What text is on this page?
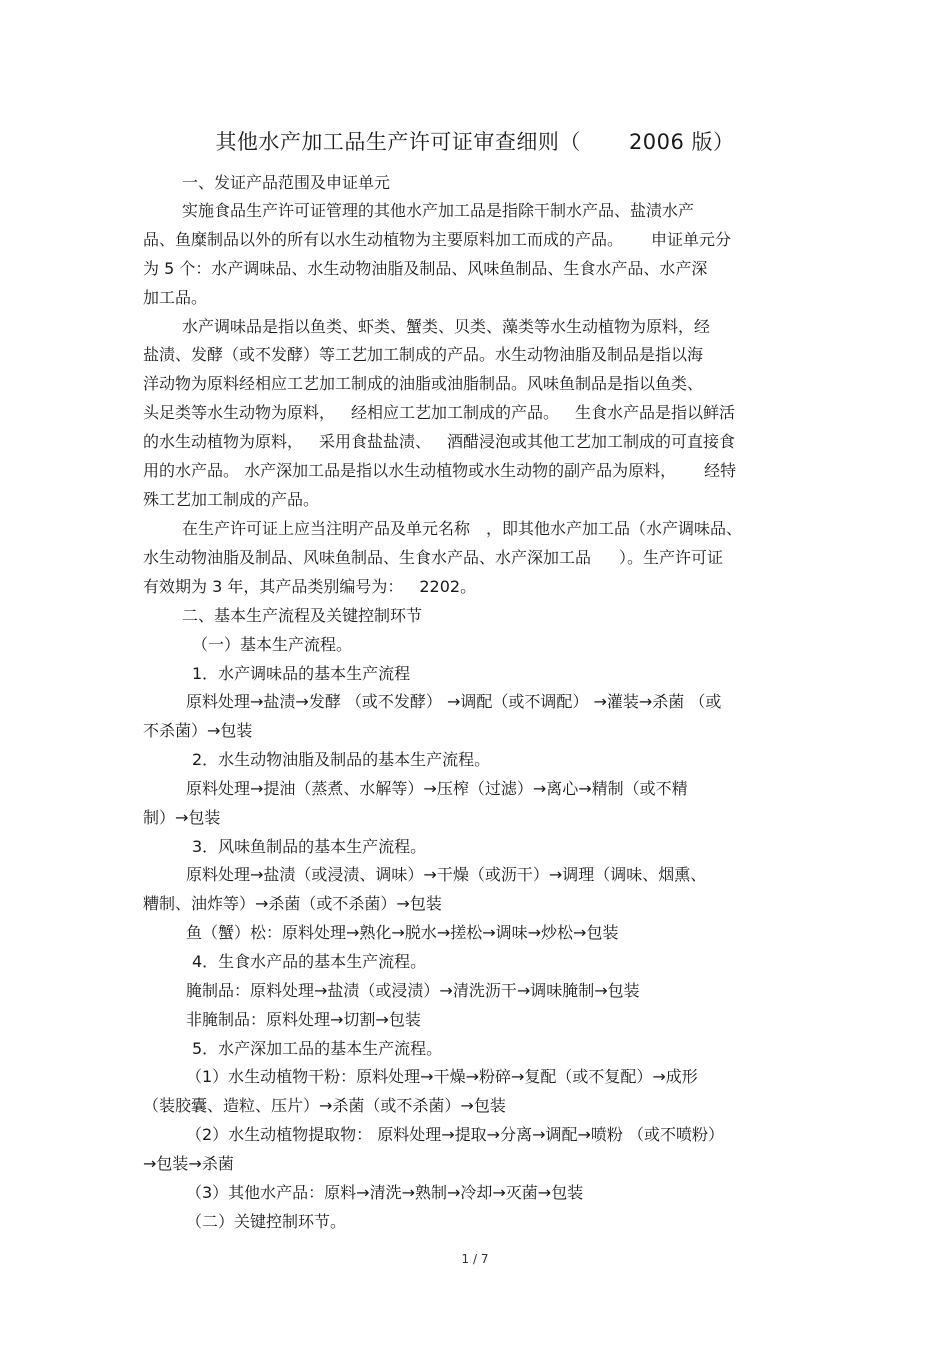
其他水产加工品生产许可证审查细则（ 2006 版）
一、发证产品范围及申证单元
实施食品生产许可证管理的其他水产加工品是指除干制水产品、盐渍水产
品、鱼糜制品以外的所有以水生动植物为主要原料加工而成的产品。 申证单元分
为 5 个：水产调味品、水生动物油脂及制品、风味鱼制品、生食水产品、水产深
加工品。
水产调味品是指以鱼类、虾类、蟹类、贝类、藻类等水生动植物为原料，经
盐渍、发酵（或不发酵）等工艺加工制成的产品。水生动物油脂及制品是指以海
洋动物为原料经相应工艺加工制成的油脂或油脂制品。风味鱼制品是指以鱼类、
头足类等水生动物为原料， 经相应工艺加工制成的产品。 生食水产品是指以鲜活
的水生动植物为原料， 采用食盐盐渍、 酒醋浸泡或其他工艺加工制成的可直接食
用的水产品。 水产深加工品是指以水生动植物或水生动物的副产品为原料， 经特
殊工艺加工制成的产品。
在生产许可证上应当注明产品及单元名称 ，即其他水产加工品（水产调味品、
水生动物油脂及制品、风味鱼制品、生食水产品、水产深加工品 ）。生产许可证
有效期为 3 年，其产品类别编号为： 2202。
二、基本生产流程及关键控制环节
（一）基本生产流程。
1．水产调味品的基本生产流程
原料处理→盐渍→发酵 （或不发酵） →调配（或不调配） →灌装→杀菌 （或
不杀菌）→包装
2．水生动物油脂及制品的基本生产流程。
原料处理→提油（蒸煮、水解等）→压榨（过滤）→离心→精制（或不精
制）→包装
3．风味鱼制品的基本生产流程。
原料处理→盐渍（或浸渍、调味）→干燥（或沥干）→调理（调味、烟熏、
糟制、油炸等）→杀菌（或不杀菌）→包装
鱼（蟹）松：原料处理→熟化→脱水→搓松→调味→炒松→包装
4．生食水产品的基本生产流程。
腌制品：原料处理→盐渍（或浸渍）→清洗沥干→调味腌制→包装
非腌制品：原料处理→切割→包装
5．水产深加工品的基本生产流程。
（1）水生动植物干粉：原料处理→干燥→粉碎→复配（或不复配）→成形
（装胶囊、造粒、压片）→杀菌（或不杀菌）→包装
（2）水生动植物提取物： 原料处理→提取→分离→调配→喷粉 （或不喷粉）
→包装→杀菌
（3）其他水产品：原料→清洗→熟制→冷却→灭菌→包装
（二）关键控制环节。
1 / 7
